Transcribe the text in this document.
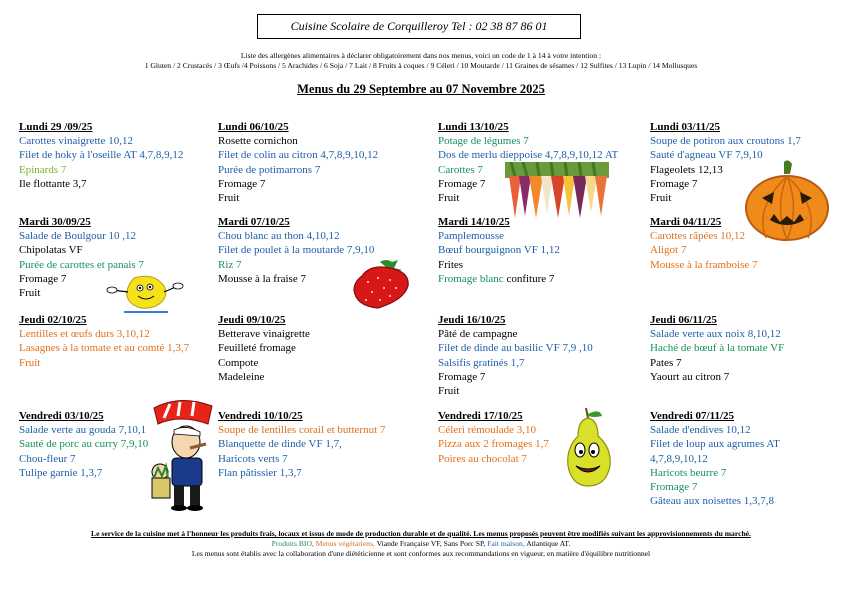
Cuisine Scolaire de Corquilleroy Tel : 02 38 87 86 01
Liste des allergènes alimentaires à déclarer obligatoirement dans nos menus, voici un code de 1 à 14 à votre intention :
1 Gluten / 2 Crustacés / 3 Œufs /4 Poissons / 5 Arachides / 6 Soja / 7 Lait / 8 Fruits à coques / 9 Céleri / 10 Moutarde / 11 Graines de sésames / 12 Sulfites / 13 Lupin / 14 Mollusques
Menus du 29 Septembre au 07 Novembre 2025
Lundi 29 /09/25
Carottes vinaigrette 10,12
Filet de hoky à l'oseille AT 4,7,8,9,12
Epinards 7
Ile flottante 3,7
Lundi 06/10/25
Rosette cornichon
Filet de colin au citron 4,7,8,9,10,12
Purée de potimarrons 7
Fromage 7
Fruit
Lundi 13/10/25
Potage de légumes 7
Dos de merlu dieppoise 4,7,8,9,10,12 AT
Carottes 7
Fromage 7
Fruit
Lundi 03/11/25
Soupe de potiron aux croutons 1,7
Sauté d'agneau VF 7,9,10
Flageolets 12,13
Fromage 7
Fruit
Mardi 30/09/25
Salade de Boulgour 10 ,12
Chipolatas VF
Purée de carottes et panais 7
Fromage 7
Fruit
Mardi 07/10/25
Chou blanc au thon 4,10,12
Filet de poulet à la moutarde 7,9,10
Riz 7
Mousse à la fraise 7
Mardi 14/10/25
Pamplemousse
Bœuf bourguignon VF 1,12
Frites
Fromage blanc confiture 7
Mardi 04/11/25
Carottes râpées 10,12
Aligot 7
Mousse à la framboise 7
Jeudi 02/10/25
Lentilles et œufs durs 3,10,12
Lasagnes à la tomate et au comté 1,3,7
Fruit
Jeudi 09/10/25
Betterave vinaigrette
Feuilleté fromage
Compote
Madeleine
Jeudi 16/10/25
Pâté de campagne
Filet de dinde au basilic VF 7,9 ,10
Salsifis gratinés 1,7
Fromage 7
Fruit
Jeudi 06/11/25
Salade verte aux noix 8,10,12
Haché de bœuf à la tomate VF
Pates 7
Yaourt au citron 7
Vendredi 03/10/25
Salade verte au gouda 7,10,1
Sauté de porc au curry 7,9,10
Chou-fleur 7
Tulipe garnie 1,3,7
Vendredi 10/10/25
Soupe de lentilles corail et butternut 7
Blanquette de dinde VF 1,7,
Haricots verts 7
Flan pâtissier 1,3,7
Vendredi 17/10/25
Céleri rémoulade 3,10
Pizza aux 2 fromages 1,7
Poires au chocolat 7
Vendredi 07/11/25
Salade d'endives 10,12
Filet de loup aux agrumes AT
4,7,8,9,10,12
Haricots beurre 7
Fromage 7
Gâteau aux noisettes 1,3,7,8
Le service de la cuisine met à l'honneur les produits frais, locaux et issus de mode de production durable et de qualité. Les menus proposés peuvent être modifiés suivant les approvisionnements du marché.
Produits BIO, Menus végétariens, Viande Française VF, Sans Porc SP, Fait maison, Atlantique AT.
Les menus sont établis avec la collaboration d'une diététicienne et sont conformes aux recommandations en vigueur, en matière d'équilibre nutritionnel
